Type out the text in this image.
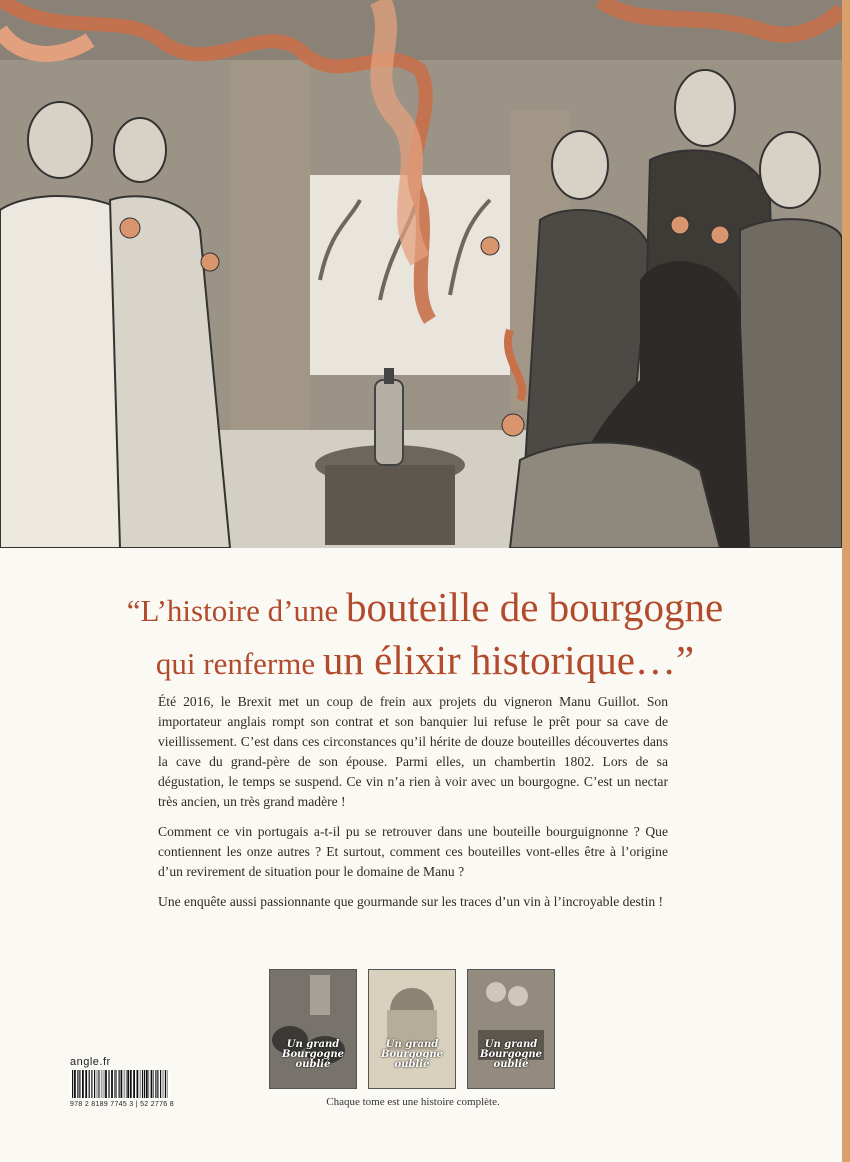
“L’histoire d’une bouteille de bourgogne
qui renferme un élixir historique…”

Été 2016, le Brexit met un coup de frein aux projets du vigneron Manu Guillot. Son importateur anglais rompt son contrat et son banquier lui refuse le prêt pour sa cave de vieillissement. C’est dans ces circonstances qu’il hérite de douze bouteilles découvertes dans la cave du grand-père de son épouse. Parmi elles, un chambertin 1802. Lors de sa dégustation, le temps se suspend. Ce vin n’a rien à voir avec un bourgogne. C’est un nectar très ancien, un très grand madère !

Comment ce vin portugais a-t-il pu se retrouver dans une bouteille bourguignonne ? Que contiennent les onze autres ? Et surtout, comment ces bouteilles vont-elles être à l’origine d’un revirement de situation pour le domaine de Manu ?

Une enquête aussi passionnante que gourmande sur les traces d’un vin à l’incroyable destin !

Un grand
Bourgogne
oublié
Un grand
Bourgogne
oublié
Un grand
Bourgogne
oublié
Chaque tome est une histoire complète.
angle.fr
978 2 8189 7745 3 | 52 2776 8
